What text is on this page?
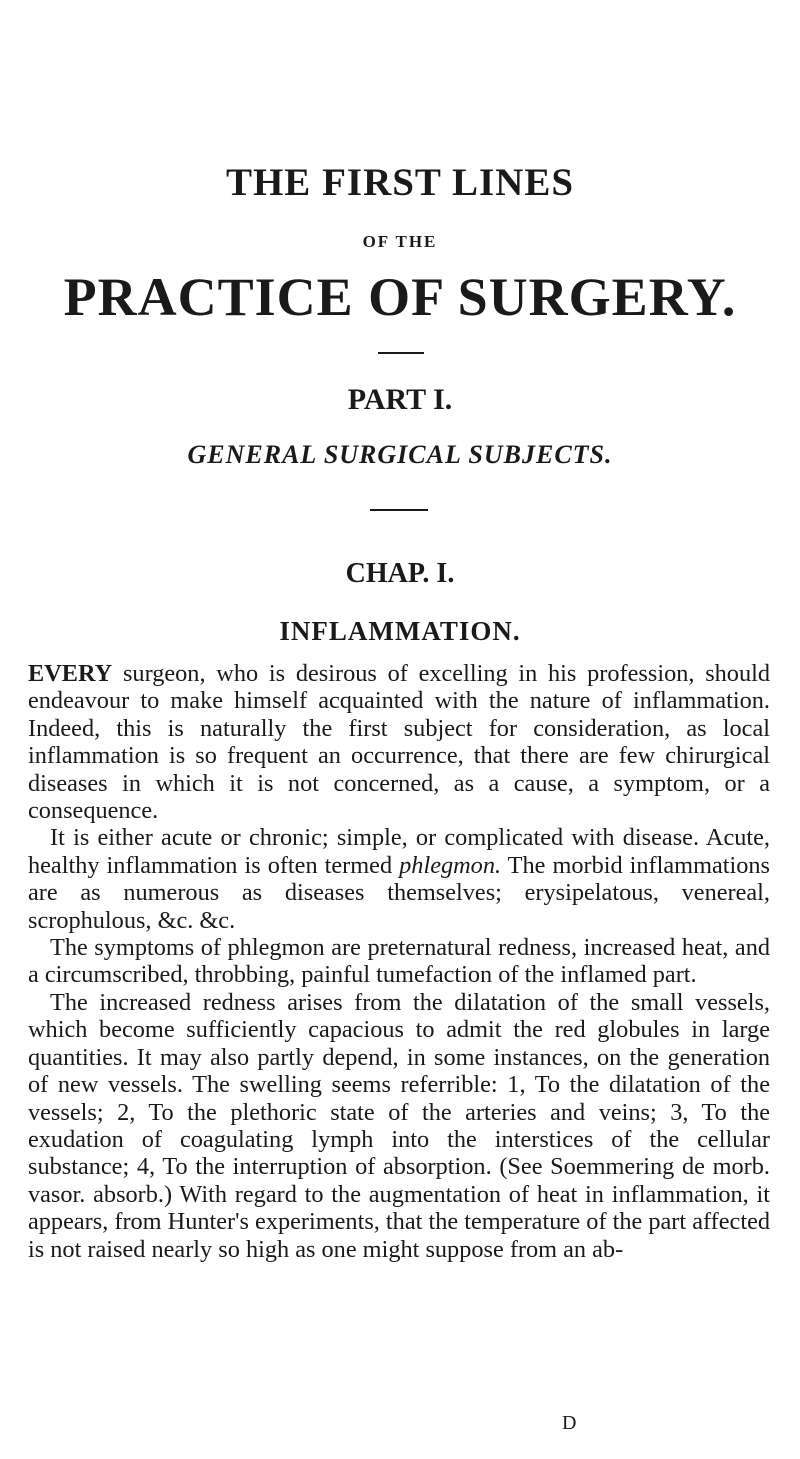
THE FIRST LINES
OF THE
PRACTICE OF SURGERY.
PART I.
GENERAL SURGICAL SUBJECTS.
CHAP. I.
INFLAMMATION.

EVERY surgeon, who is desirous of excelling in his profession, should endeavour to make himself acquainted with the nature of inflammation. Indeed, this is naturally the first subject for consideration, as local inflammation is so frequent an occurrence, that there are few chirurgical diseases in which it is not concerned, as a cause, a symptom, or a consequence.

It is either acute or chronic; simple, or complicated with disease. Acute, healthy inflammation is often termed phlegmon. The morbid inflammations are as numerous as diseases themselves; erysipelatous, venereal, scrophulous, &c. &c.

The symptoms of phlegmon are preternatural redness, increased heat, and a circumscribed, throbbing, painful tumefaction of the inflamed part.

The increased redness arises from the dilatation of the small vessels, which become sufficiently capacious to admit the red globules in large quantities. It may also partly depend, in some instances, on the generation of new vessels. The swelling seems referrible: 1, To the dilatation of the vessels; 2, To the plethoric state of the arteries and veins; 3, To the exudation of coagulating lymph into the interstices of the cellular substance; 4, To the interruption of absorption. (See Soemmering de morb. vasor. absorb.) With regard to the augmentation of heat in inflammation, it appears, from Hunter's experiments, that the temperature of the part affected is not raised nearly so high as one might suppose from an ab-

D
